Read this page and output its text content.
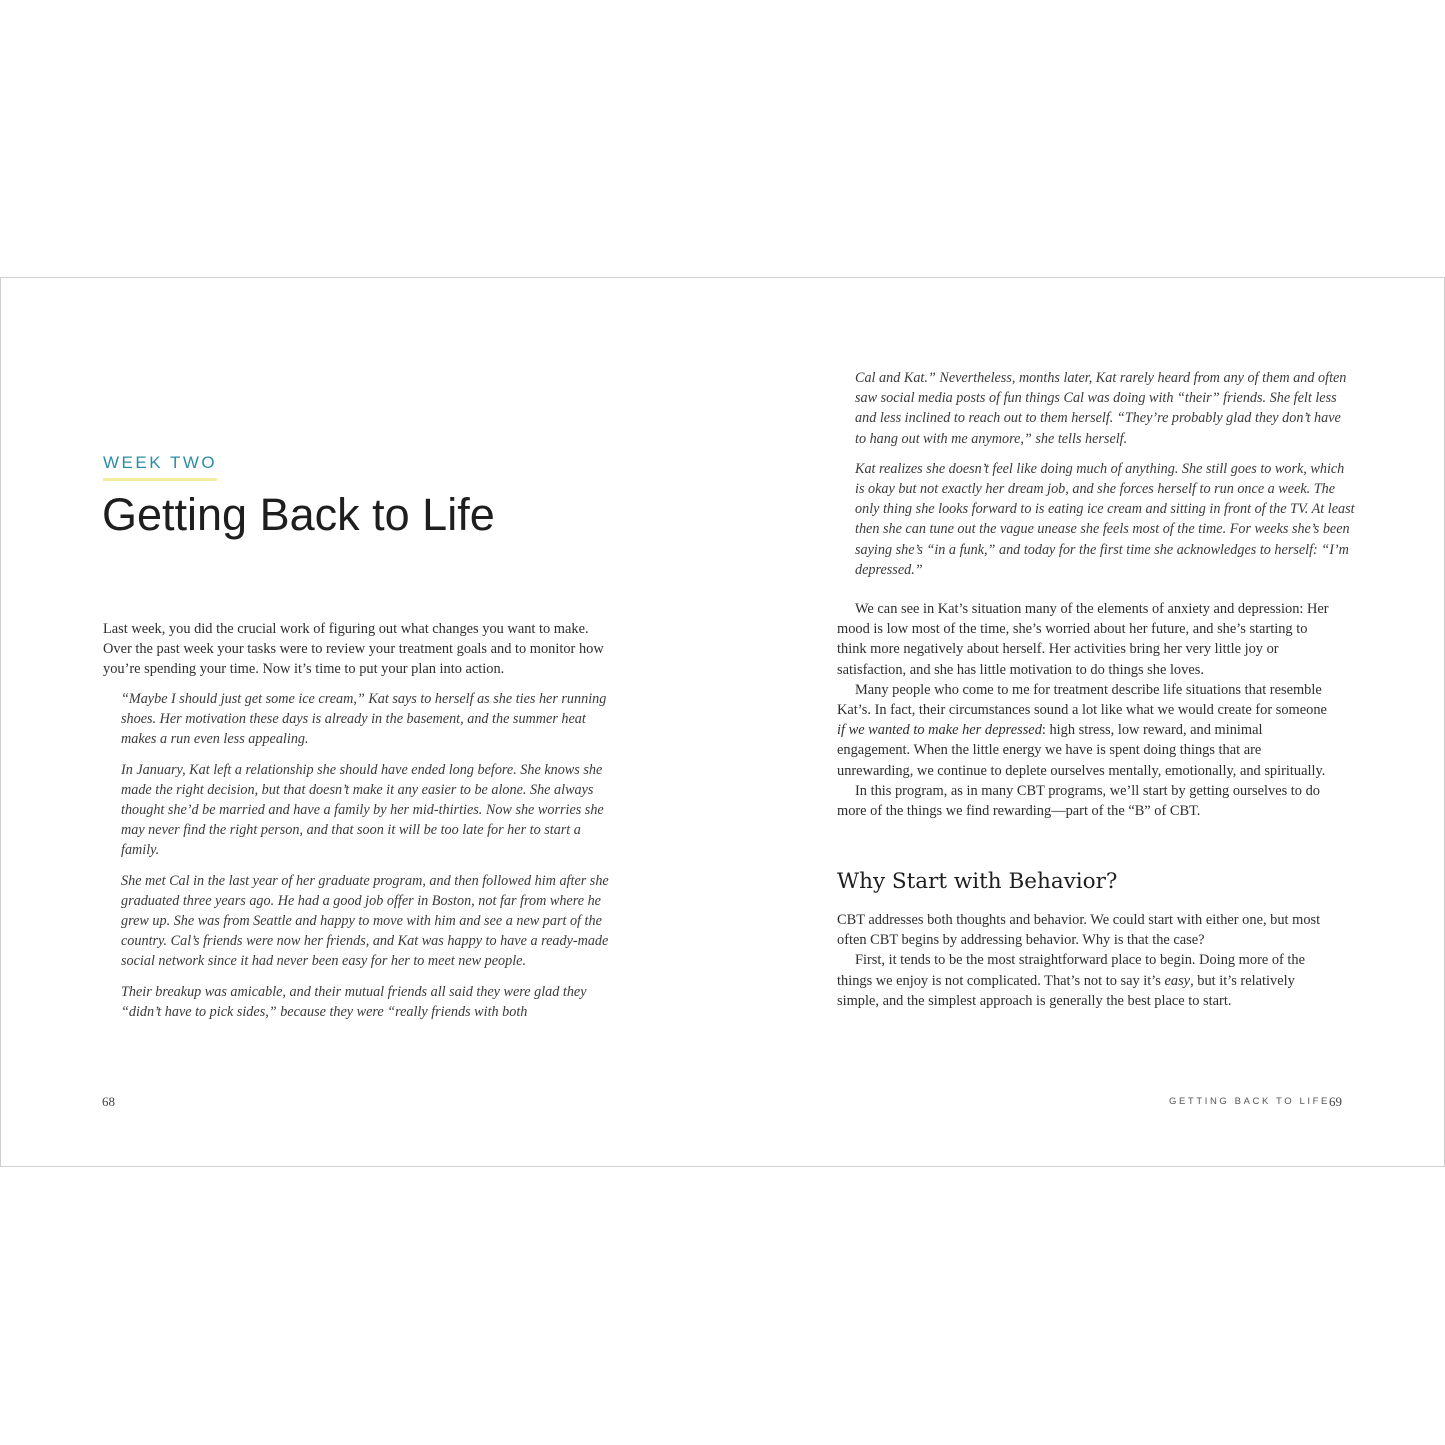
WEEK TWO
Getting Back to Life

Last week, you did the crucial work of figuring out what changes you want to make. Over the past week your tasks were to review your treatment goals and to monitor how you’re spending your time. Now it’s time to put your plan into action.

“Maybe I should just get some ice cream,” Kat says to herself as she ties her running shoes. Her motivation these days is already in the basement, and the summer heat makes a run even less appealing.

In January, Kat left a relationship she should have ended long before. She knows she made the right decision, but that doesn’t make it any easier to be alone. She always thought she’d be married and have a family by her mid-thirties. Now she worries she may never find the right person, and that soon it will be too late for her to start a family.

She met Cal in the last year of her graduate program, and then followed him after she graduated three years ago. He had a good job offer in Boston, not far from where he grew up. She was from Seattle and happy to move with him and see a new part of the country. Cal’s friends were now her friends, and Kat was happy to have a ready-made social network since it had never been easy for her to meet new people.

Their breakup was amicable, and their mutual friends all said they were glad they “didn’t have to pick sides,” because they were “really friends with both

68

Cal and Kat.” Nevertheless, months later, Kat rarely heard from any of them and often saw social media posts of fun things Cal was doing with “their” friends. She felt less and less inclined to reach out to them herself. “They’re probably glad they don’t have to hang out with me anymore,” she tells herself.

Kat realizes she doesn’t feel like doing much of anything. She still goes to work, which is okay but not exactly her dream job, and she forces herself to run once a week. The only thing she looks forward to is eating ice cream and sitting in front of the TV. At least then she can tune out the vague unease she feels most of the time. For weeks she’s been saying she’s “in a funk,” and today for the first time she acknowledges to herself: “I’m depressed.”

We can see in Kat’s situation many of the elements of anxiety and depression: Her mood is low most of the time, she’s worried about her future, and she’s starting to think more negatively about herself. Her activities bring her very little joy or satisfaction, and she has little motivation to do things she loves.

Many people who come to me for treatment describe life situations that resemble Kat’s. In fact, their circumstances sound a lot like what we would create for someone if we wanted to make her depressed: high stress, low reward, and minimal engagement. When the little energy we have is spent doing things that are unrewarding, we continue to deplete ourselves mentally, emotionally, and spiritually.

In this program, as in many CBT programs, we’ll start by getting ourselves to do more of the things we find rewarding—part of the “B” of CBT.

Why Start with Behavior?

CBT addresses both thoughts and behavior. We could start with either one, but most often CBT begins by addressing behavior. Why is that the case?

First, it tends to be the most straightforward place to begin. Doing more of the things we enjoy is not complicated. That’s not to say it’s easy, but it’s relatively simple, and the simplest approach is generally the best place to start.

GETTING BACK TO LIFE 69
